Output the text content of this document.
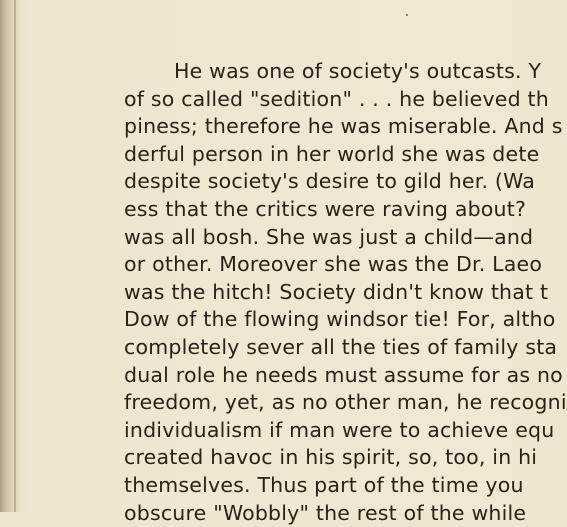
He was one of society's outcasts. Y
of so called "sedition" . . . he believed th
piness; therefore he was miserable. And s
derful person in her world she was dete
despite society's desire to gild her. (Wa
ess that the critics were raving about?
was all bosh. She was just a child—and
or other. Moreover she was the Dr. Laeo
was the hitch! Society didn't know that t
Dow of the flowing windsor tie! For, altho
completely sever all the ties of family sta
dual role he needs must assume for as no
freedom, yet, as no other man, he recogni
individualism if man were to achieve equ
created havoc in his spirit, so, too, in hi
themselves. Thus part of the time you
obscure "Wobbly" the rest of the while
